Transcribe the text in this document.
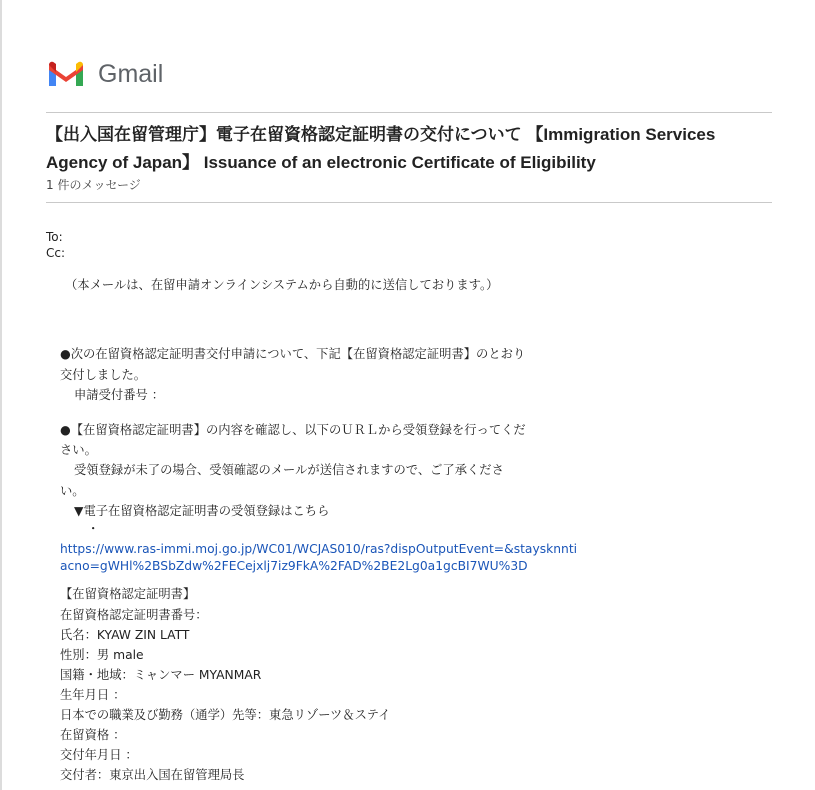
Gmail
【出入国在留管理庁】電子在留資格認定証明書の交付について 【Immigration Services
Agency of Japan】 Issuance of an electronic Certificate of Eligibility
1 件のメッセージ
To:
Cc:
（本メールは、在留申請オンラインシステムから自動的に送信しております。）
●次の在留資格認定証明書交付申請について、下記【在留資格認定証明書】のとおり
交付しました。
申請受付番号 ：
●【在留資格認定証明書】の内容を確認し、以下のＵＲＬから受領登録を行ってくだ
さい。
受領登録が未了の場合、受領確認のメールが送信されますので、ご了承くださ
い。
▼電子在留資格認定証明書の受領登録はこちら
・
https://www.ras-immi.moj.go.jp/WC01/WCJAS010/ras?dispOutputEvent=&staysknnti
acno=gWHl%2BSbZdw%2FECejxlj7iz9FkA%2FAD%2BE2Lg0a1gcBI7WU%3D
【在留資格認定証明書】
在留資格認定証明書番号：
氏名：KYAW ZIN LATT
性別：男 male
国籍・地域：ミャンマー MYANMAR
生年月日 ：
日本での職業及び勤務（通学）先等：東急リゾーツ＆ステイ
在留資格 ：
交付年月日 ：
交付者：東京出入国在留管理局長
